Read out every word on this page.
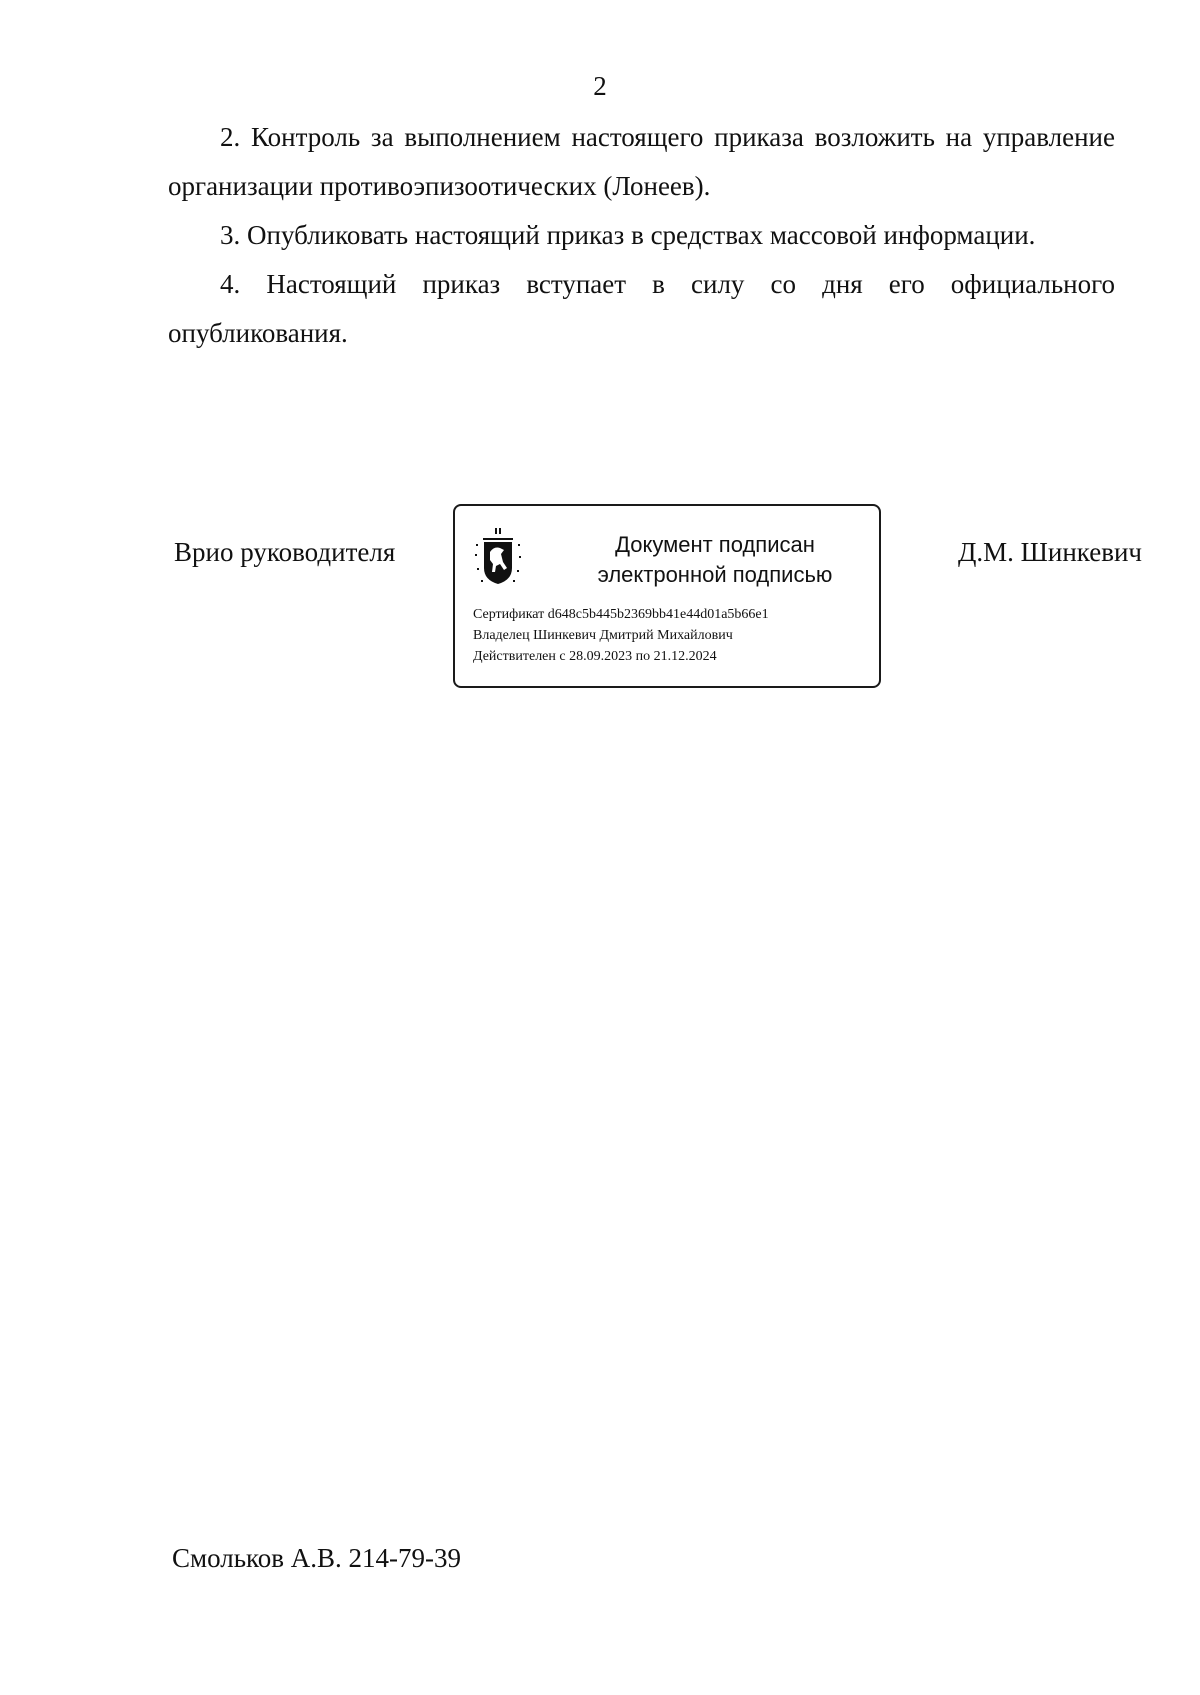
2

2. Контроль за выполнением настоящего приказа возложить на управление организации противоэпизоотических (Лонеев).

3. Опубликовать настоящий приказ в средствах массовой информации.

4. Настоящий приказ вступает в силу со дня его официального опубликования.

Врио руководителя	Документ подписан
электронной подписью
Сертификат d648c5b445b2369bb41e44d01a5b66e1
Владелец Шинкевич Дмитрий Михайлович
Действителен с 28.09.2023 по 21.12.2024
Д.М. Шинкевич
Смольков А.В. 214-79-39
